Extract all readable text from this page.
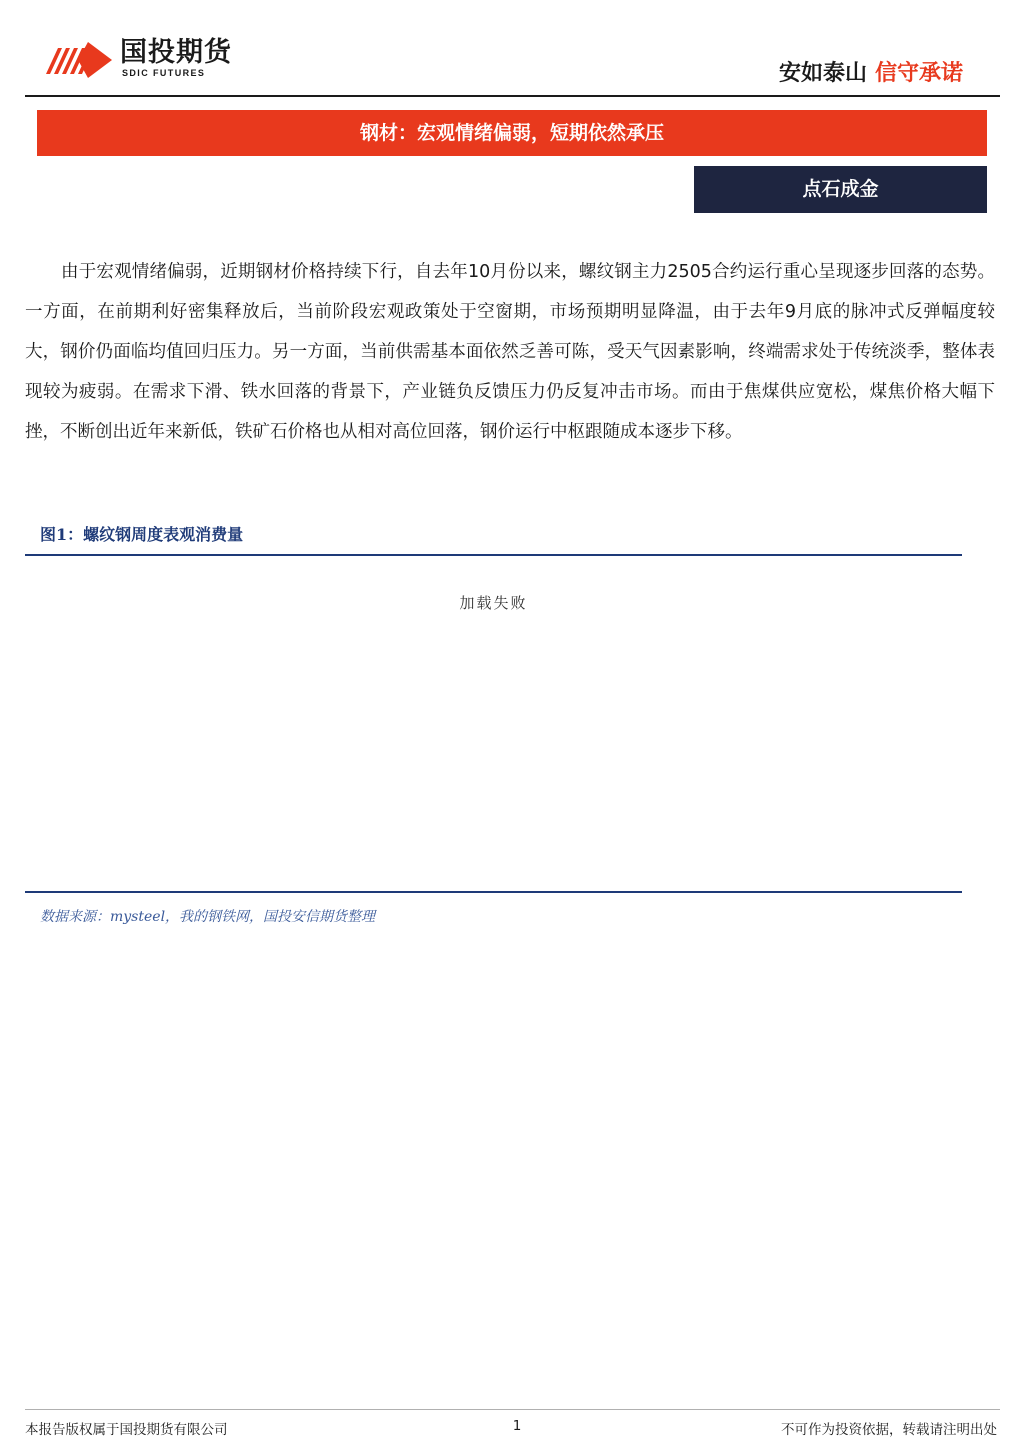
国投期货
SDIC FUTURES	安如泰山 信守承诺
钢材：宏观情绪偏弱，短期依然承压
点石成金

由于宏观情绪偏弱，近期钢材价格持续下行，自去年10月份以来，螺纹钢主力2505合约运行重心呈现逐步回落的态势。一方面，在前期利好密集释放后，当前阶段宏观政策处于空窗期，市场预期明显降温，由于去年9月底的脉冲式反弹幅度较大，钢价仍面临均值回归压力。另一方面，当前供需基本面依然乏善可陈，受天气因素影响，终端需求处于传统淡季，整体表现较为疲弱。在需求下滑、铁水回落的背景下，产业链负反馈压力仍反复冲击市场。而由于焦煤供应宽松，煤焦价格大幅下挫，不断创出近年来新低，铁矿石价格也从相对高位回落，钢价运行中枢跟随成本逐步下移。

图1：螺纹钢周度表观消费量
加载失败
数据来源：mysteel，我的钢铁网，国投安信期货整理
本报告版权属于国投期货有限公司	1	不可作为投资依据，转载请注明出处
